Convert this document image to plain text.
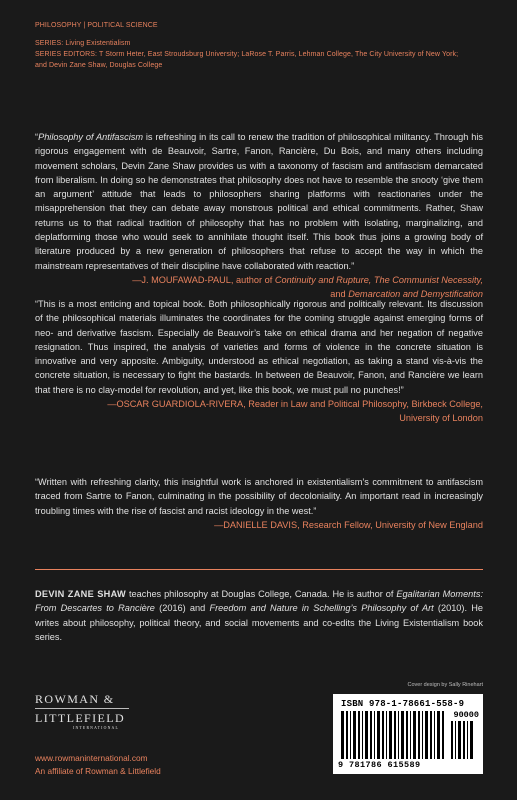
PHILOSOPHY | POLITICAL SCIENCE
SERIES: Living Existentialism
SERIES EDITORS: T Storm Heter, East Stroudsburg University; LaRose T. Parris, Lehman College, The City University of New York;
and Devin Zane Shaw, Douglas College
“Philosophy of Antifascism is refreshing in its call to renew the tradition of philosophical militancy. Through his rigorous engagement with de Beauvoir, Sartre, Fanon, Rancière, Du Bois, and many others including movement scholars, Devin Zane Shaw provides us with a taxonomy of fascism and antifascism demarcated from liberalism. In doing so he demonstrates that philosophy does not have to resemble the snooty ‘give them an argument’ attitude that leads to philosophers sharing platforms with reactionaries under the misapprehension that they can debate away monstrous political and ethical commitments. Rather, Shaw returns us to that radical tradition of philosophy that has no problem with isolating, marginalizing, and deplatforming those who would seek to annihilate thought itself. This book thus joins a growing body of literature produced by a new generation of philosophers that refuse to accept the way in which the mainstream representatives of their discipline have collaborated with reaction.”
—J. MOUFAWAD-PAUL, author of Continuity and Rupture, The Communist Necessity,
and Demarcation and Demystification
“This is a most enticing and topical book. Both philosophically rigorous and politically relevant. Its discussion of the philosophical materials illuminates the coordinates for the coming struggle against emerging forms of neo- and derivative fascism. Especially de Beauvoir’s take on ethical drama and her negation of negative resignation. Thus inspired, the analysis of varieties and forms of violence in the concrete situation is innovative and very apposite. Ambiguity, understood as ethical negotiation, as taking a stand vis-à-vis the concrete situation, is necessary to fight the bastards. In between de Beauvoir, Fanon, and Rancière we learn that there is no clay-model for revolution, and yet, like this book, we must pull no punches!”
—OSCAR GUARDIOLA-RIVERA, Reader in Law and Political Philosophy, Birkbeck College,
University of London
“Written with refreshing clarity, this insightful work is anchored in existentialism’s commitment to antifascism traced from Sartre to Fanon, culminating in the possibility of decoloniality. An important read in increasingly troubling times with the rise of fascist and racist ideology in the west.”
—DANIELLE DAVIS, Research Fellow, University of New England
DEVIN ZANE SHAW teaches philosophy at Douglas College, Canada. He is author of Egalitarian Moments: From Descartes to Rancière (2016) and Freedom and Nature in Schelling’s Philosophy of Art (2010). He writes about philosophy, political theory, and social movements and co-edits the Living Existentialism book series.
Cover design by Sally Rinehart
ROWMAN &
LITTLEFIELD
INTERNATIONAL
www.rowmaninternational.com
An affiliate of Rowman & Littlefield
ISBN 978-1-78661-558-9
90000
9 781786 615589
